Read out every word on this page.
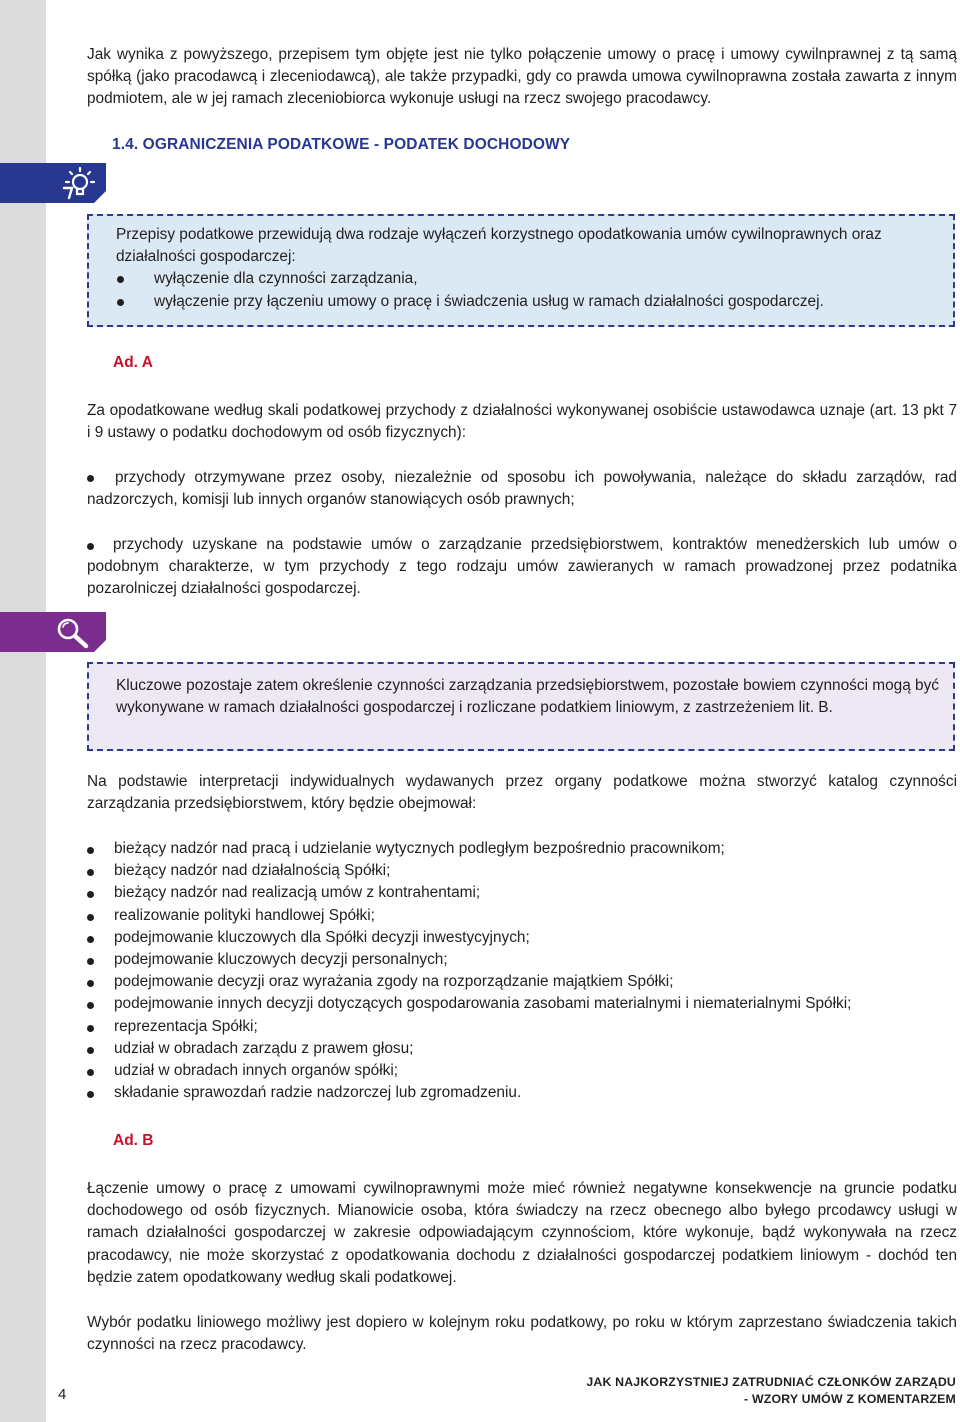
Jak wynika z powyższego, przepisem tym objęte jest nie tylko połączenie umowy o pracę i umowy cywilnprawnej z tą samą spółką (jako pracodawcą i zleceniodawcą), ale także przypadki, gdy co prawda umowa cywilnoprawna została zawarta z innym podmiotem, ale w jej ramach zleceniobiorca wykonuje usługi na rzecz swojego pracodawcy.

1.4. OGRANICZENIA PODATKOWE - PODATEK DOCHODOWY

Przepisy podatkowe przewidują dwa rodzaje wyłączeń korzystnego opodatkowania umów cywilnoprawnych oraz działalności gospodarczej:

wyłączenie dla czynności zarządzania,
wyłączenie przy łączeniu umowy o pracę i świadczenia usług w ramach działalności gospodarczej.
Ad. A

Za opodatkowane według skali podatkowej przychody z działalności wykonywanej osobiście ustawodawca uznaje (art. 13 pkt 7 i 9 ustawy o podatku dochodowym od osób fizycznych):

przychody otrzymywane przez osoby, niezależnie od sposobu ich powoływania, należące do składu zarządów, rad nadzorczych, komisji lub innych organów stanowiących osób prawnych;
przychody uzyskane na podstawie umów o zarządzanie przedsiębiorstwem, kontraktów menedżerskich lub umów o podobnym charakterze, w tym przychody z tego rodzaju umów zawieranych w ramach prowadzonej przez podatnika pozarolniczej działalności gospodarczej.

Kluczowe pozostaje zatem określenie czynności zarządzania przedsiębiorstwem, pozostałe bowiem czynności mogą być wykonywane w ramach działalności gospodarczej i rozliczane podatkiem liniowym, z zastrzeżeniem lit. B.

Na podstawie interpretacji indywidualnych wydawanych przez organy podatkowe można stworzyć katalog czynności zarządzania przedsiębiorstwem, który będzie obejmował:

bieżący nadzór nad pracą i udzielanie wytycznych podległym bezpośrednio pracownikom;
bieżący nadzór nad działalnością Spółki;
bieżący nadzór nad realizacją umów z kontrahentami;
realizowanie polityki handlowej Spółki;
podejmowanie kluczowych dla Spółki decyzji inwestycyjnych;
podejmowanie kluczowych decyzji personalnych;
podejmowanie decyzji oraz wyrażania zgody na rozporządzanie majątkiem Spółki;
podejmowanie innych decyzji dotyczących gospodarowania zasobami materialnymi i niematerialnymi Spółki;
reprezentacja Spółki;
udział w obradach zarządu z prawem głosu;
udział w obradach innych organów spółki;
składanie sprawozdań radzie nadzorczej lub zgromadzeniu.
Ad. B

Łączenie umowy o pracę z umowami cywilnoprawnymi może mieć również negatywne konsekwencje na gruncie podatku dochodowego od osób fizycznych. Mianowicie osoba, która świadczy na rzecz obecnego albo byłego prcodawcy usługi w ramach działalności gospodarczej w zakresie odpowiadającym czynnościom, które wykonuje, bądź wykonywała na rzecz pracodawcy, nie może skorzystać z opodatkowania dochodu z działalności gospodarczej podatkiem liniowym - dochód ten będzie zatem opodatkowany według skali podatkowej.

Wybór podatku liniowego możliwy jest dopiero w kolejnym roku podatkowy, po roku w którym zaprzestano świadczenia takich czynności na rzecz pracodawcy.

4
JAK NAJKORZYSTNIEJ ZATRUDNIAĆ CZŁONKÓW ZARZĄDU
- WZORY UMÓW Z KOMENTARZEM
